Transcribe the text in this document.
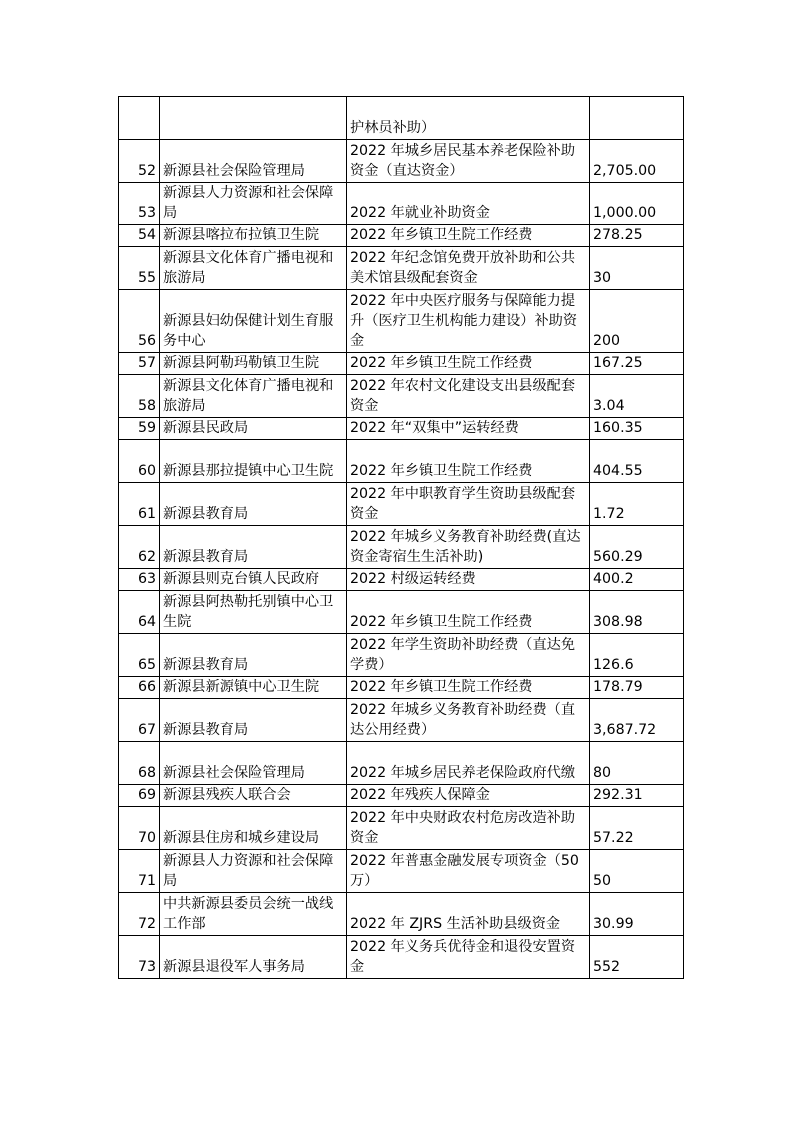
		护林员补助）	
52	新源县社会保险管理局	2022 年城乡居民基本养老保险补助资金（直达资金）	2,705.00
53	新源县人力资源和社会保障局	2022 年就业补助资金	1,000.00
54	新源县喀拉布拉镇卫生院	2022 年乡镇卫生院工作经费	278.25
55	新源县文化体育广播电视和旅游局	2022 年纪念馆免费开放补助和公共美术馆县级配套资金	30
56	新源县妇幼保健计划生育服务中心	2022 年中央医疗服务与保障能力提升（医疗卫生机构能力建设）补助资金	200
57	新源县阿勒玛勒镇卫生院	2022 年乡镇卫生院工作经费	167.25
58	新源县文化体育广播电视和旅游局	2022 年农村文化建设支出县级配套资金	3.04
59	新源县民政局	2022 年“双集中”运转经费	160.35
60	新源县那拉提镇中心卫生院	2022 年乡镇卫生院工作经费	404.55
61	新源县教育局	2022 年中职教育学生资助县级配套资金	1.72
62	新源县教育局	2022 年城乡义务教育补助经费(直达资金寄宿生生活补助)	560.29
63	新源县则克台镇人民政府	2022 村级运转经费	400.2
64	新源县阿热勒托别镇中心卫生院	2022 年乡镇卫生院工作经费	308.98
65	新源县教育局	2022 年学生资助补助经费（直达免学费）	126.6
66	新源县新源镇中心卫生院	2022 年乡镇卫生院工作经费	178.79
67	新源县教育局	2022 年城乡义务教育补助经费（直达公用经费）	3,687.72
68	新源县社会保险管理局	2022 年城乡居民养老保险政府代缴	80
69	新源县残疾人联合会	2022 年残疾人保障金	292.31
70	新源县住房和城乡建设局	2022 年中央财政农村危房改造补助资金	57.22
71	新源县人力资源和社会保障局	2022 年普惠金融发展专项资金（50 万）	50
72	中共新源县委员会统一战线工作部	2022 年 ZJRS 生活补助县级资金	30.99
73	新源县退役军人事务局	2022 年义务兵优待金和退役安置资金	552
